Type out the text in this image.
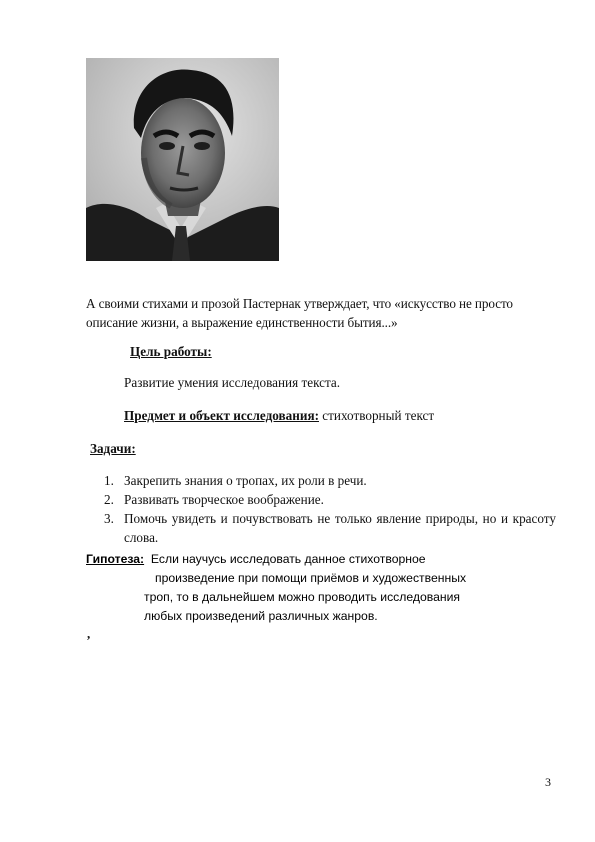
А своими стихами и прозой Пастернак утверждает, что «искусство не просто описание жизни, а выражение единственности бытия...»

Цель работы:
Развитие умения исследования текста.
Предмет и объект исследования: стихотворный текст
Задачи:
1. Закрепить знания о тропах, их роли в речи.
2. Развивать творческое воображение.
3. Помочь увидеть и почувствовать не только явление природы, но и красоту слова.
Гипотеза:  Если научусь исследовать данное стихотворное
произведение при помощи приёмов и художественных
троп, то в дальнейшем можно проводить исследования
любых произведений различных жанров.
,
3
